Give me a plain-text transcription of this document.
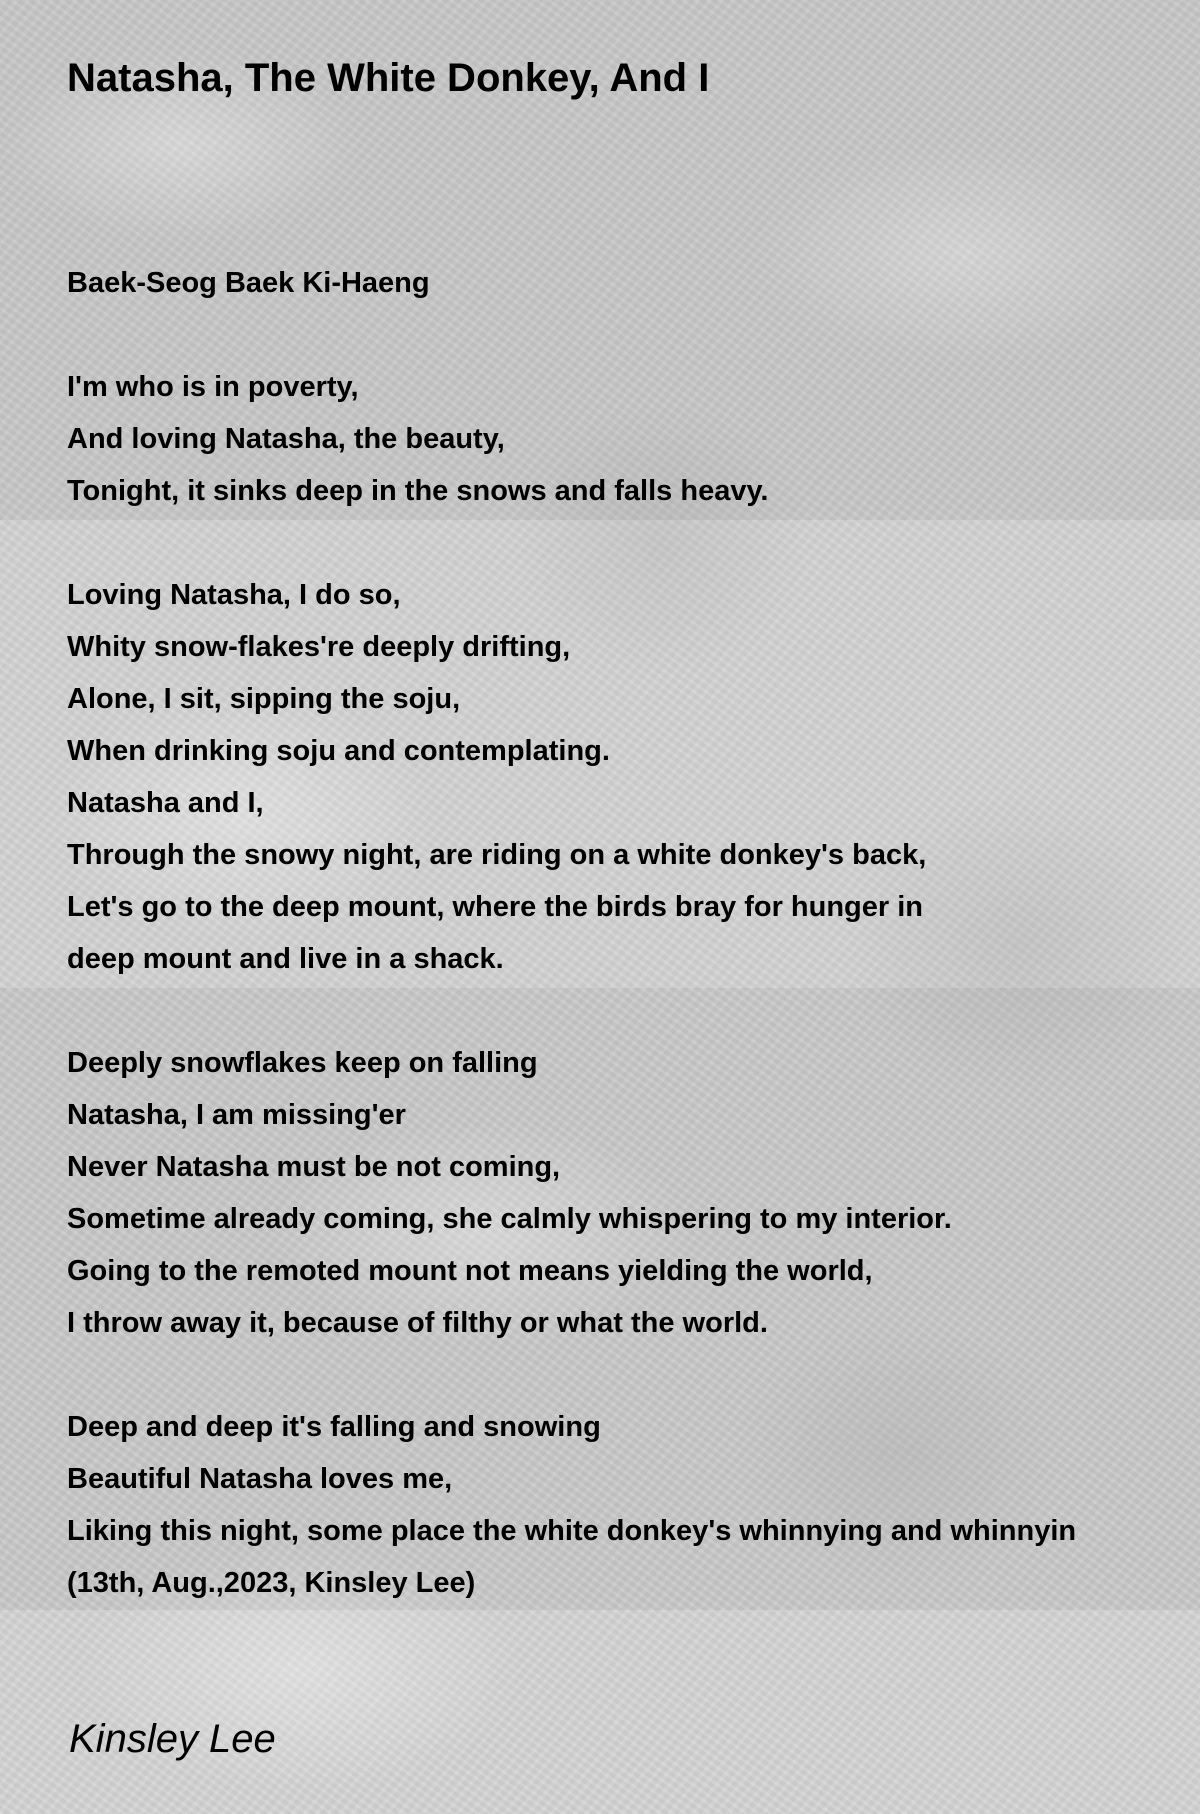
Natasha, The White Donkey, And I
Baek-Seog Baek Ki-Haeng
I'm who is in poverty,
And loving Natasha, the beauty,
Tonight, it sinks deep in the snows and falls heavy.
Loving Natasha, I do so,
Whity snow-flakes're deeply drifting,
Alone, I sit, sipping the soju,
When drinking soju and contemplating.
Natasha and I,
Through the snowy night, are riding on a white donkey's back,
Let's go to the deep mount, where the birds bray for hunger in
deep mount and live in a shack.
Deeply snowflakes keep on falling
Natasha, I am missing'er
Never Natasha must be not coming,
Sometime already coming, she calmly whispering to my interior.
Going to the remoted mount not means yielding the world,
I throw away it, because of filthy or what the world.
Deep and deep it's falling and snowing
Beautiful Natasha loves me,
Liking this night, some place the white donkey's whinnying and whinnyin
(13th, Aug.,2023, Kinsley Lee)
Kinsley Lee
